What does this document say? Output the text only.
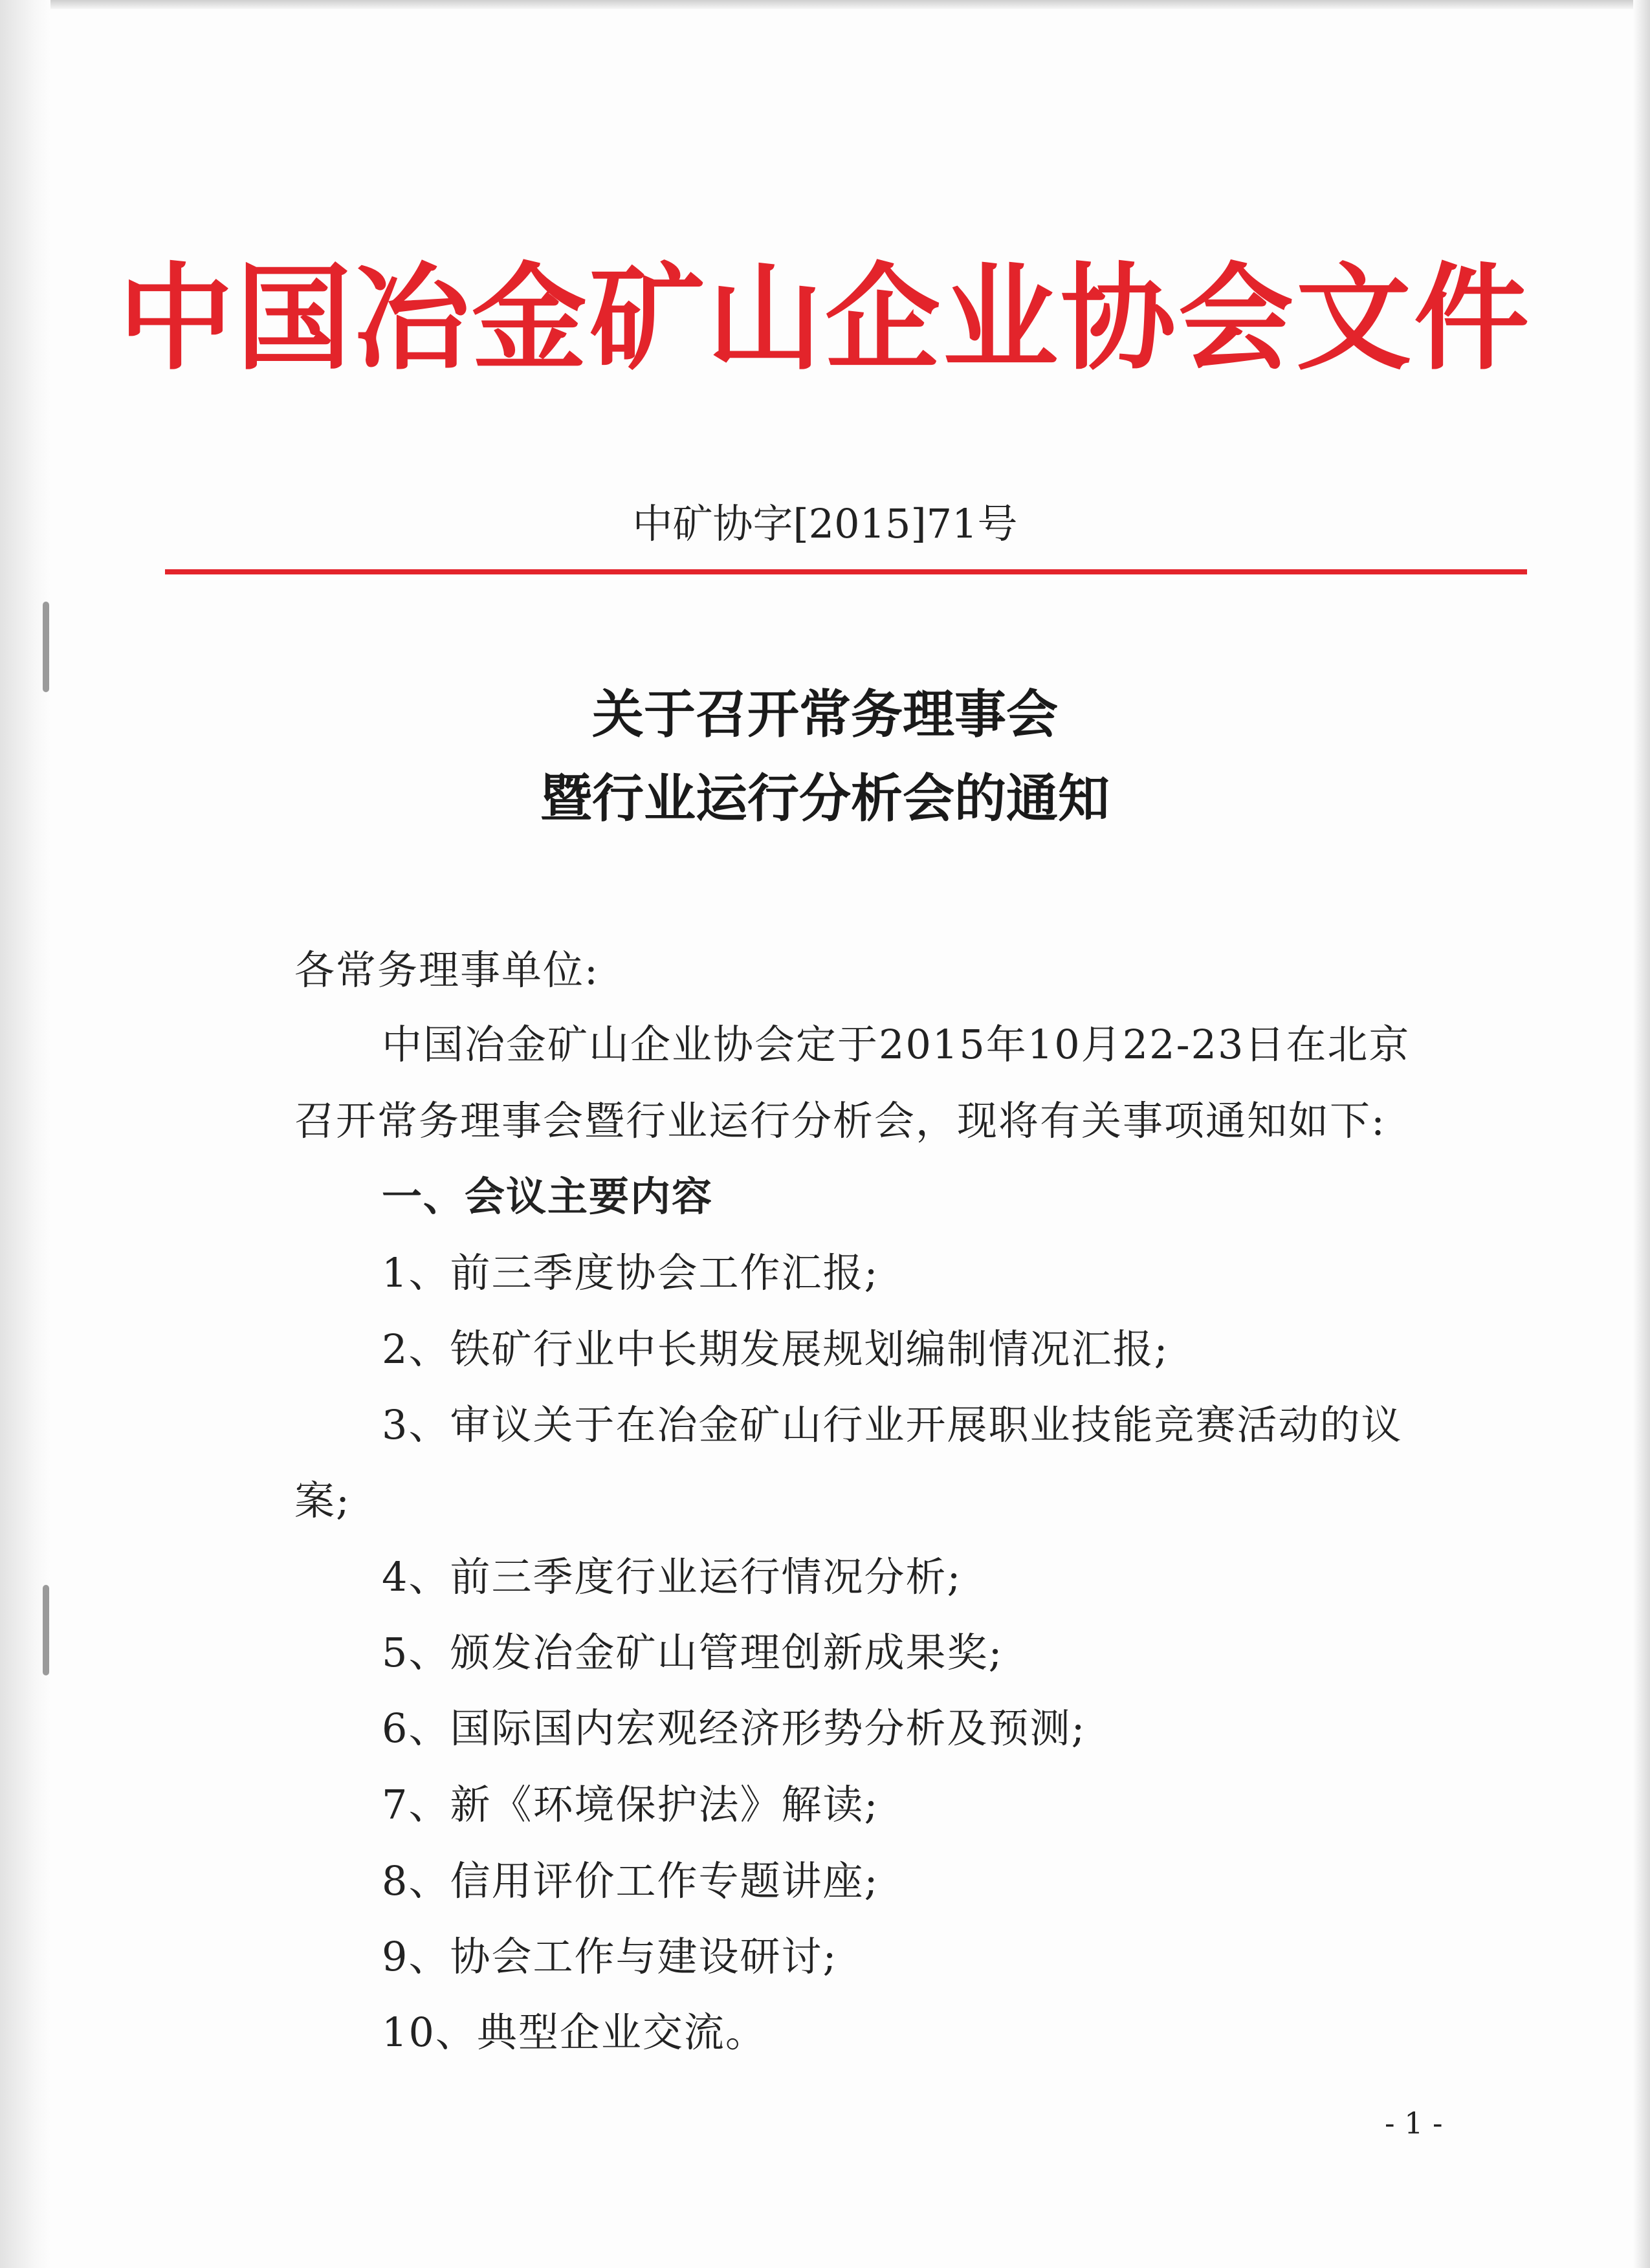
中国冶金矿山企业协会文件
中矿协字[2015]71号
关于召开常务理事会
暨行业运行分析会的通知
各常务理事单位:
中国冶金矿山企业协会定于2015年10月22-23日在北京
召开常务理事会暨行业运行分析会，现将有关事项通知如下:
一、会议主要内容
1、前三季度协会工作汇报;
2、铁矿行业中长期发展规划编制情况汇报;
3、审议关于在冶金矿山行业开展职业技能竞赛活动的议
案;
4、前三季度行业运行情况分析;
5、颁发冶金矿山管理创新成果奖;
6、国际国内宏观经济形势分析及预测;
7、新《环境保护法》解读;
8、信用评价工作专题讲座;
9、协会工作与建设研讨;
10、典型企业交流。
- 1 -
